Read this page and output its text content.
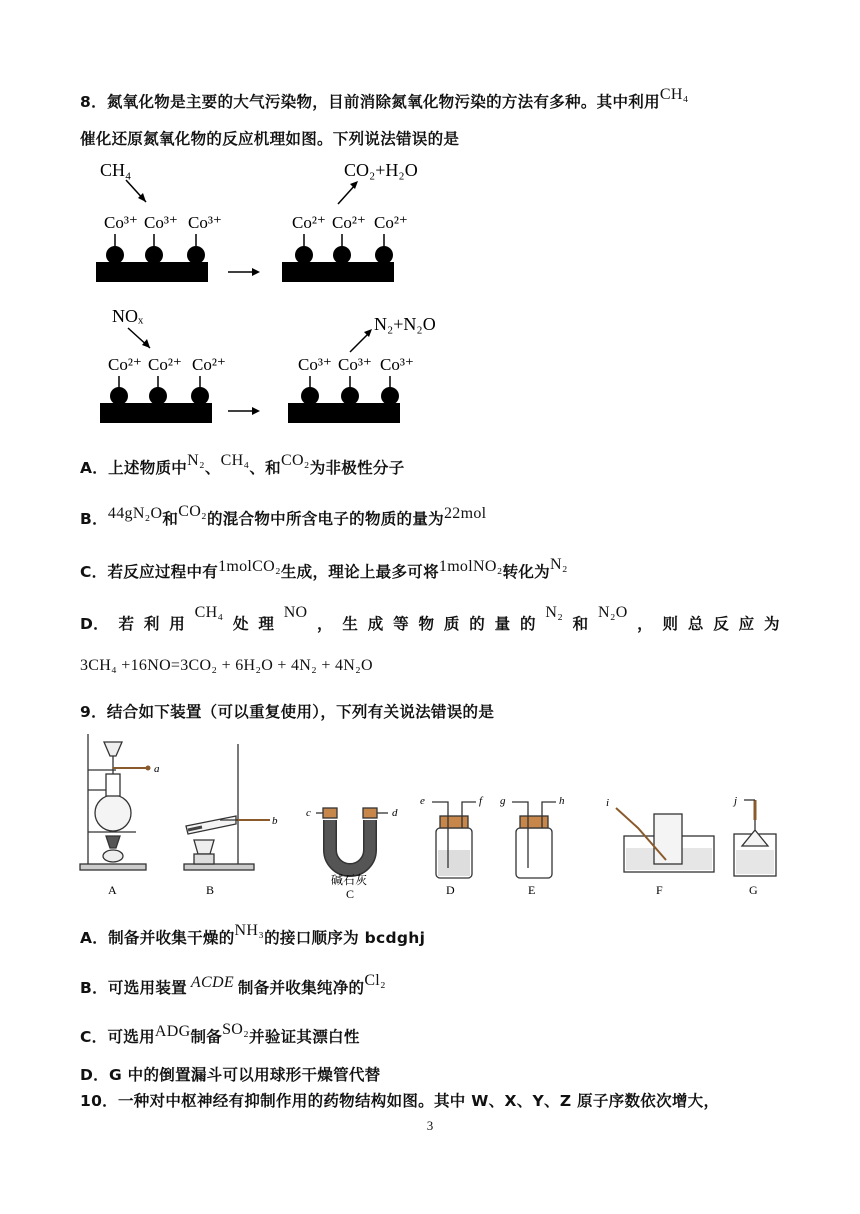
8．氮氧化物是主要的大气污染物，目前消除氮氧化物污染的方法有多种。其中利用CH₄
催化还原氮氧化物的反应机理如图。下列说法错误的是
CH₄
Co³⁺ Co³⁺ Co³⁺
CO₂+H₂O
Co²⁺ Co²⁺ Co²⁺
NOₓ
Co²⁺ Co²⁺ Co²⁺
N₂+N₂O
Co³⁺ Co³⁺ Co³⁺
A．上述物质中N₂、CH₄、和CO₂为非极性分子
B．44gN₂O和CO₂的混合物中所含电子的物质的量为22mol
C．若反应过程中有1molCO₂生成，理论上最多可将1molNO₂转化为N₂
D． 若 利 用
CH₄
处 理
NO
， 生 成 等 物 质 的 量 的
N₂
和
N₂O
， 则 总 反 应 为
3CH₄ +16NO=3CO₂ + 6H₂O + 4N₂ + 4N₂O
9．结合如下装置（可以重复使用），下列有关说法错误的是
A
a
B
b
c	d
碱石灰
C
e	f
D
g	h
E
i
F
j
G
A．制备并收集干燥的NH₃的接口顺序为 bcdghj
B．可选用装置 ACDE 制备并收集纯净的Cl₂
C．可选用ADG制备SO₂并验证其漂白性
D．G 中的倒置漏斗可以用球形干燥管代替
10．一种对中枢神经有抑制作用的药物结构如图。其中 W、X、Y、Z 原子序数依次增大，
3
